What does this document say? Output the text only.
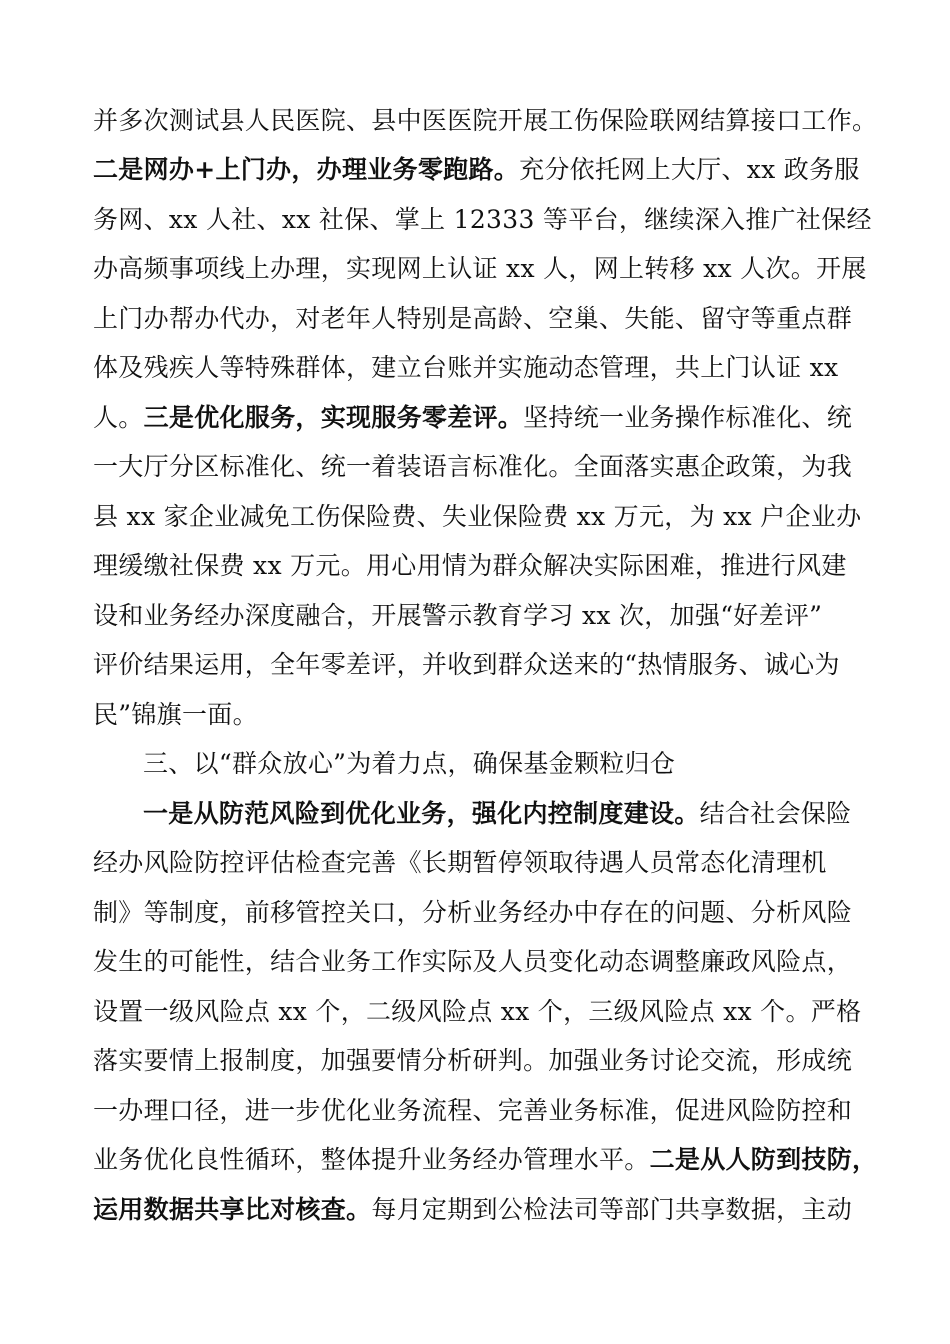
并多次测试县人民医院、县中医医院开展工伤保险联网结算接口工作。
二是网办+上门办，办理业务零跑路。充分依托网上大厅、xx 政务服
务网、xx 人社、xx 社保、掌上 12333 等平台，继续深入推广社保经
办高频事项线上办理，实现网上认证 xx 人，网上转移 xx 人次。开展
上门办帮办代办，对老年人特别是高龄、空巢、失能、留守等重点群
体及残疾人等特殊群体，建立台账并实施动态管理，共上门认证 xx
人。三是优化服务，实现服务零差评。坚持统一业务操作标准化、统
一大厅分区标准化、统一着装语言标准化。全面落实惠企政策，为我
县 xx 家企业减免工伤保险费、失业保险费 xx 万元，为 xx 户企业办
理缓缴社保费 xx 万元。用心用情为群众解决实际困难，推进行风建
设和业务经办深度融合，开展警示教育学习 xx 次，加强“好差评”
评价结果运用，全年零差评，并收到群众送来的“热情服务、诚心为
民”锦旗一面。
三、以“群众放心”为着力点，确保基金颗粒归仓
一是从防范风险到优化业务，强化内控制度建设。结合社会保险
经办风险防控评估检查完善《长期暂停领取待遇人员常态化清理机
制》等制度，前移管控关口，分析业务经办中存在的问题、分析风险
发生的可能性，结合业务工作实际及人员变化动态调整廉政风险点，
设置一级风险点 xx 个，二级风险点 xx 个，三级风险点 xx 个。严格
落实要情上报制度，加强要情分析研判。加强业务讨论交流，形成统
一办理口径，进一步优化业务流程、完善业务标准，促进风险防控和
业务优化良性循环，整体提升业务经办管理水平。二是从人防到技防，
运用数据共享比对核查。每月定期到公检法司等部门共享数据，主动
